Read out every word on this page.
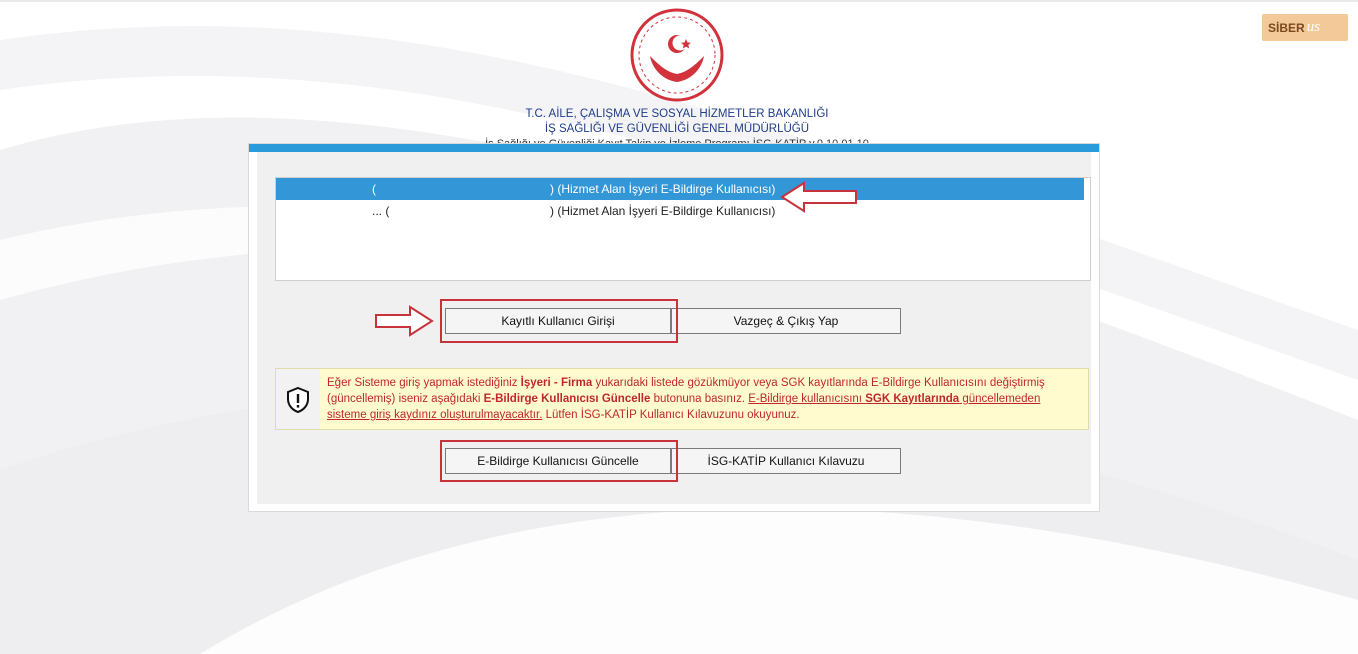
SİBER us
T.C. AİLE, ÇALIŞMA VE SOSYAL HİZMETLER BAKANLIĞI
İŞ SAĞLIĞI VE GÜVENLİĞİ GENEL MÜDÜRLÜĞÜ
(	) (Hizmet Alan İşyeri E-Bildirge Kullanıcısı)
... (	) (Hizmet Alan İşyeri E-Bildirge Kullanıcısı)
Kayıtlı Kullanıcı Girişi	Vazgeç & Çıkış Yap
Eğer Sisteme giriş yapmak istediğiniz İşyeri - Firma yukarıdaki listede gözükmüyor veya SGK kayıtlarında E-Bildirge Kullanıcısını değiştirmiş (güncellemiş) iseniz aşağıdaki E-Bildirge Kullanıcısı Güncelle butonuna basınız. E-Bildirge kullanıcısını SGK Kayıtlarında güncellemeden sisteme giriş kaydınız oluşturulmayacaktır. Lütfen İSG-KATİP Kullanıcı Kılavuzunu okuyunuz.
E-Bildirge Kullanıcısı Güncelle	İSG-KATİP Kullanıcı Kılavuzu
